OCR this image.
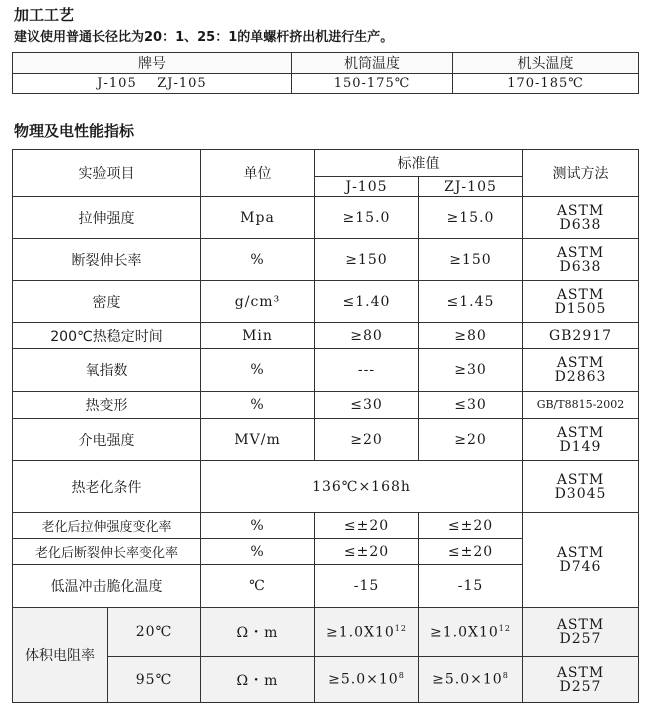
加工工艺
建议使用普通长径比为20：1、25：1的单螺杆挤出机进行生产。
牌号	机筒温度	机头温度
J-105    ZJ-105	150-175℃	170-185℃
物理及电性能指标
实验项目		单位	标准值		测试方法
			J-105	ZJ-105	
拉伸强度		Mpa	≥15.0	≥15.0	ASTM
D638

断裂伸长率		%	≥150	≥150	ASTM
D638

密度		g/cm³	≤1.40	≤1.45	ASTM
D1505

200℃热稳定时间		Min	≥80	≥80	GB2917
氧指数		%	---	≥30	ASTM
D2863

热变形		%	≤30	≤30	GB/T8815-2002
介电强度		MV/m	≥20	≥20	ASTM
D149

热老化条件		136℃×168h			ASTM
D3045

老化后拉伸强度变化率		%	≤±20	≤±20	ASTM
D746

老化后断裂伸长率变化率		%	≤±20	≤±20	
低温冲击脆化温度		℃	-15	-15	
体积电阻率	20℃	Ω・m	$\ge 1.0X10^{12}$	$\ge 1.0X10^{12}$	ASTM
D257

	95℃	Ω・m	$\ge 5.0\times 10^8$	$\ge 5.0\times 10^8$	ASTM
D257
